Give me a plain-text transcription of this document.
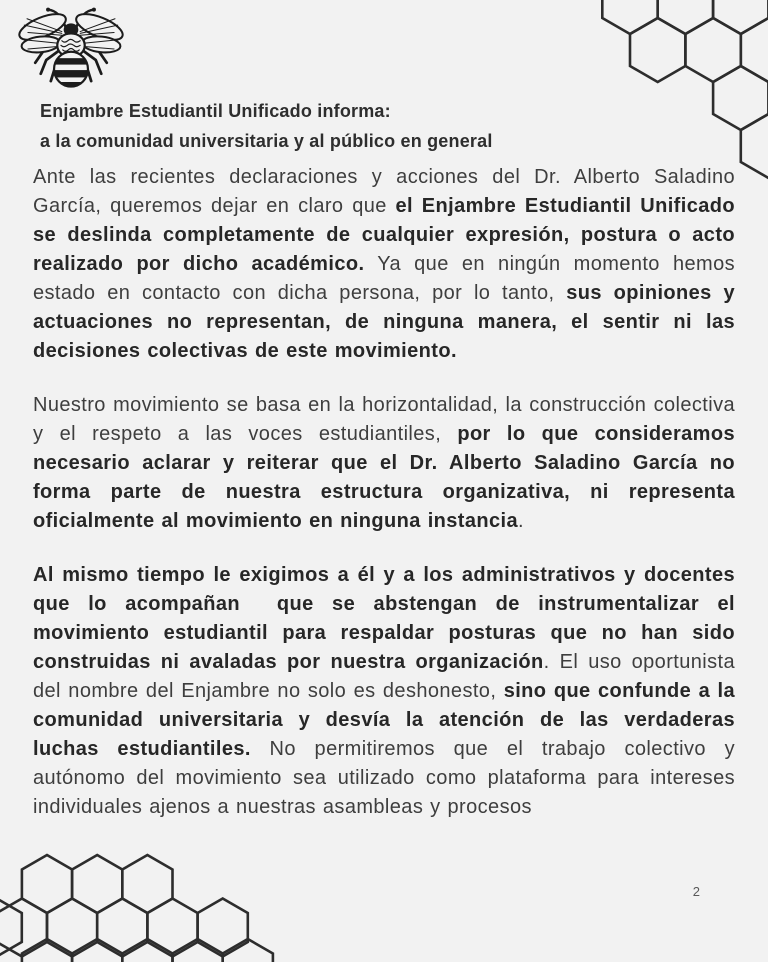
Enjambre Estudiantil Unificado informa:
a la comunidad universitaria y al público en general

Ante las recientes declaraciones y acciones del Dr. Alberto Saladino García, queremos dejar en claro que el Enjambre Estudiantil Unificado se deslinda completamente de cualquier expresión, postura o acto realizado por dicho académico. Ya que en ningún momento hemos estado en contacto con dicha persona, por lo tanto, sus opiniones y actuaciones no representan, de ninguna manera, el sentir ni las decisiones colectivas de este movimiento.

Nuestro movimiento se basa en la horizontalidad, la construcción colectiva y el respeto a las voces estudiantiles, por lo que consideramos necesario aclarar y reiterar que el Dr. Alberto Saladino García no forma parte de nuestra estructura organizativa, ni representa oficialmente al movimiento en ninguna instancia.

Al mismo tiempo le exigimos a él y a los administrativos y docentes que lo acompañan  que se abstengan de instrumentalizar el movimiento estudiantil para respaldar posturas que no han sido construidas ni avaladas por nuestra organización. El uso oportunista del nombre del Enjambre no solo es deshonesto, sino que confunde a la comunidad universitaria y desvía la atención de las verdaderas luchas estudiantiles. No permitiremos que el trabajo colectivo y autónomo del movimiento sea utilizado como plataforma para intereses individuales ajenos a nuestras asambleas y procesos

2
